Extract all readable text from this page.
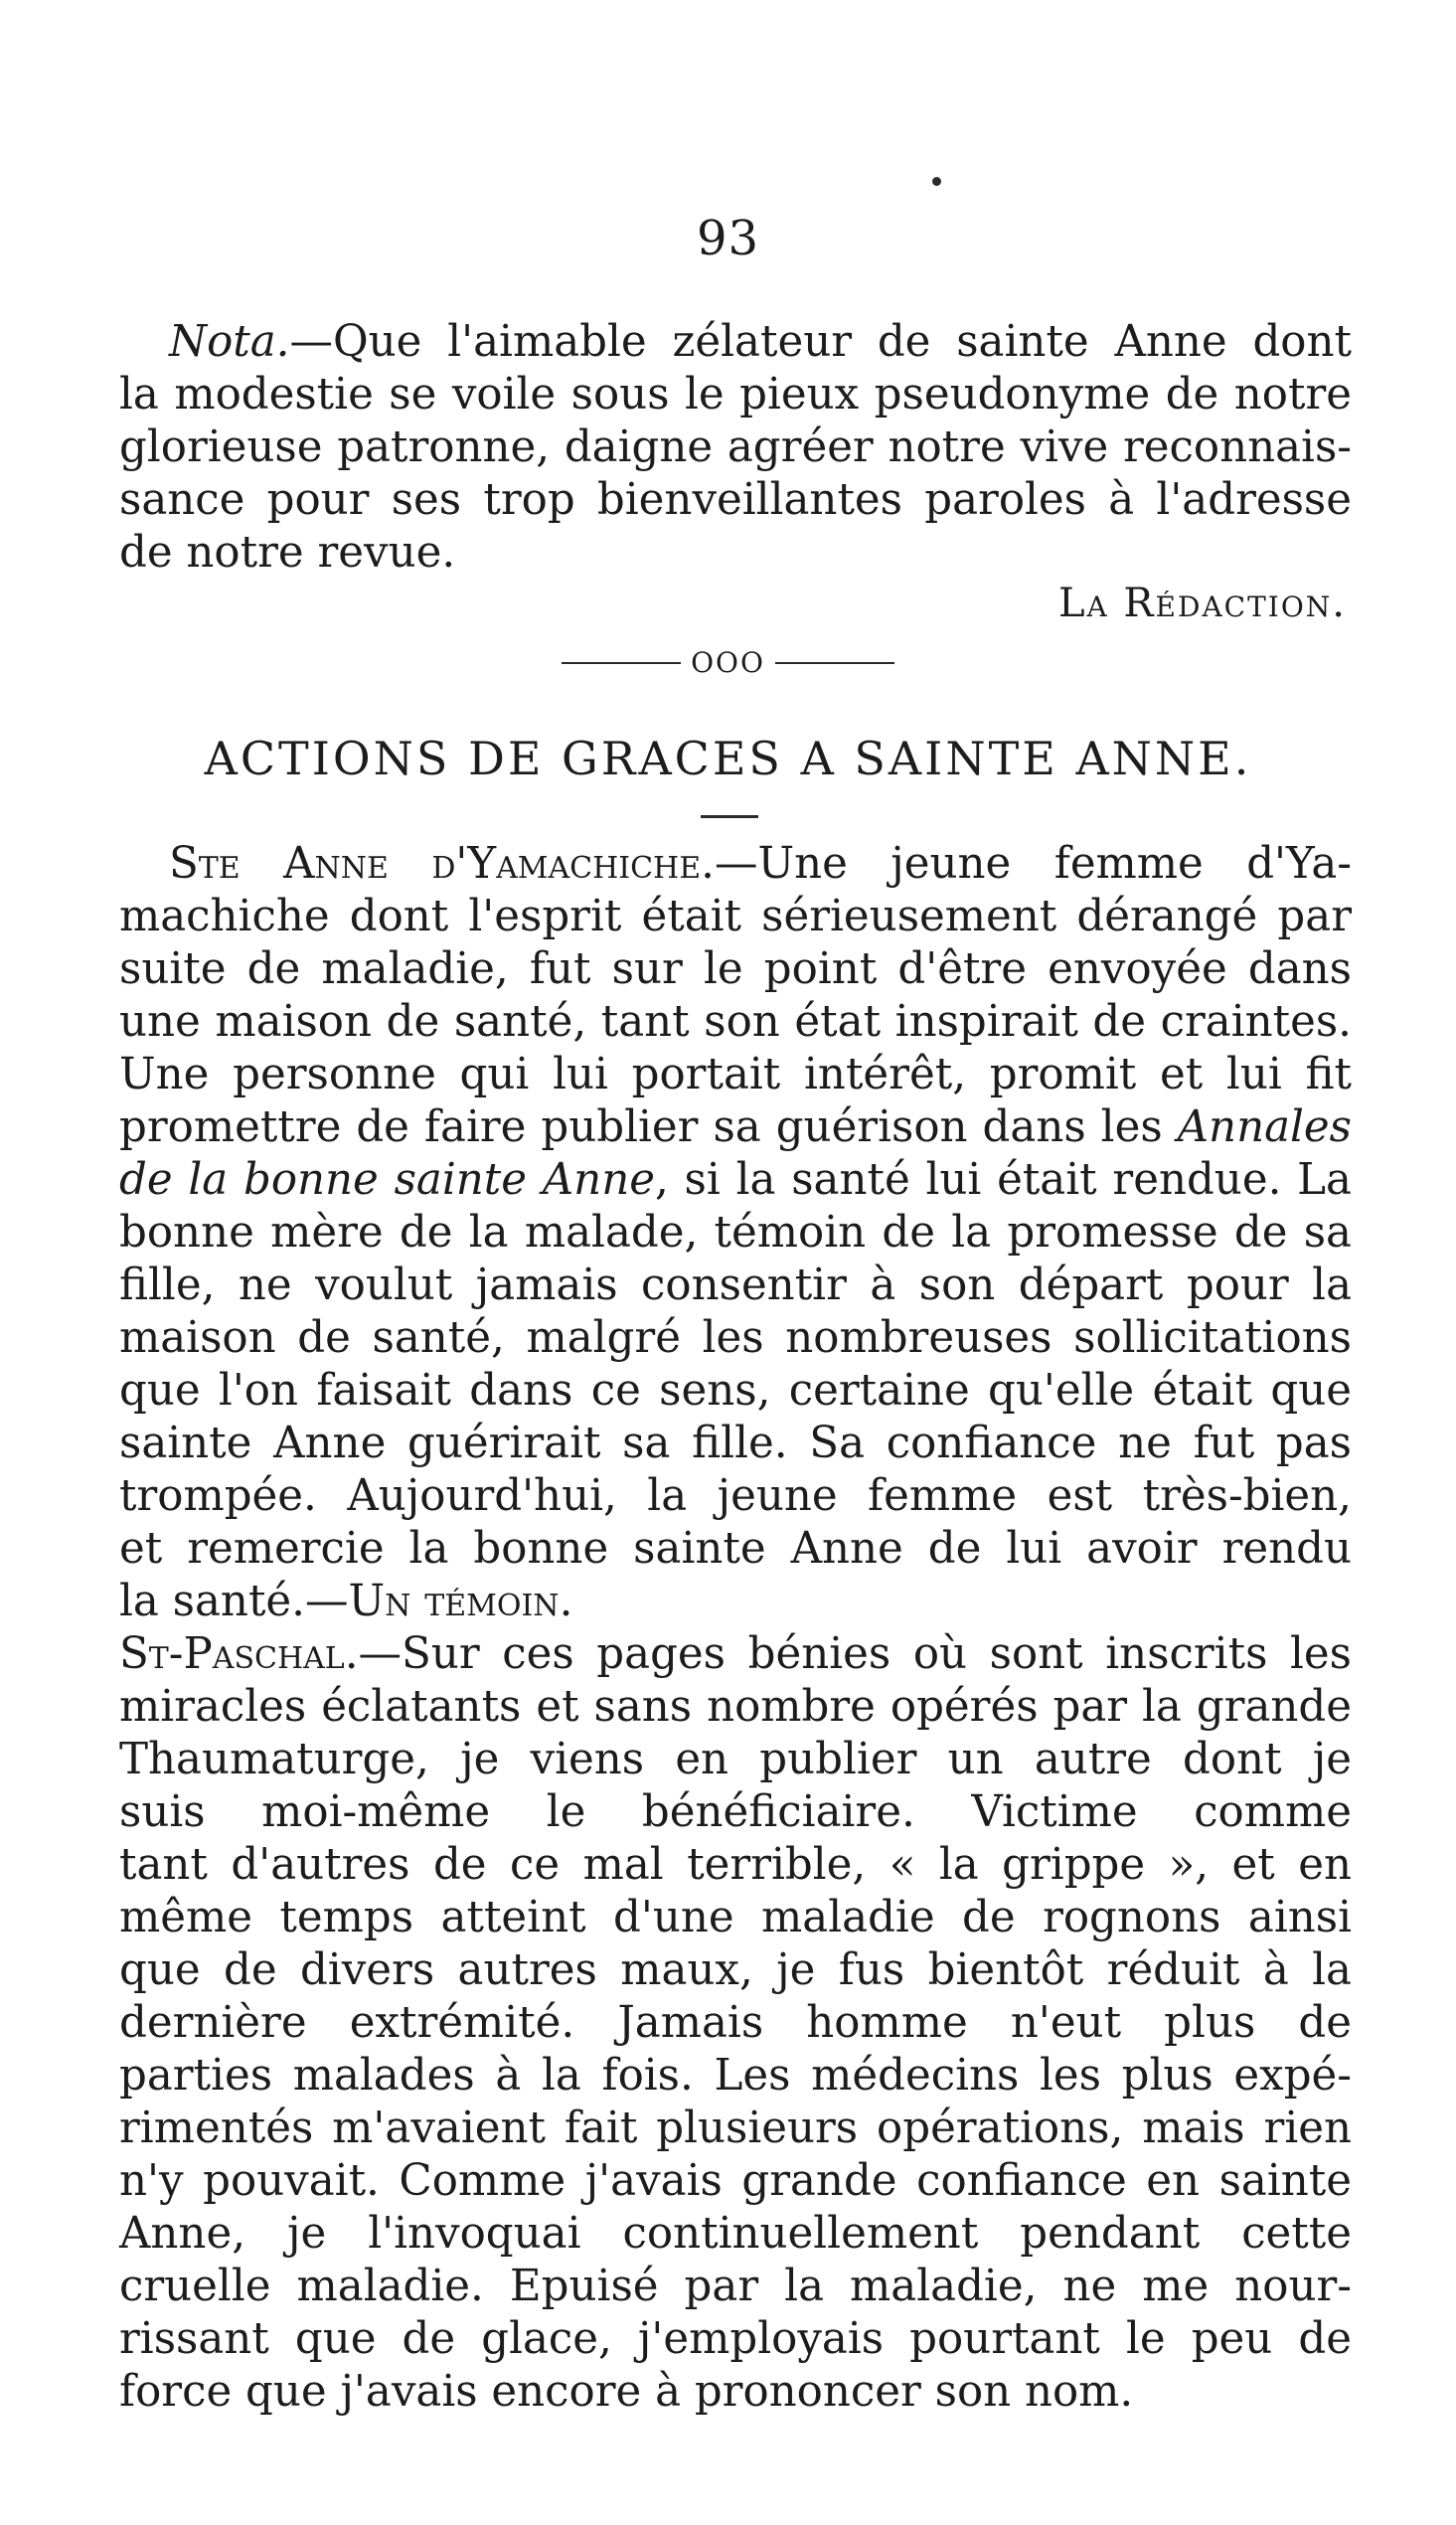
93
Nota.—Que l'aimable zélateur de sainte Anne dont
la modestie se voile sous le pieux pseudonyme de notre
glorieuse patronne, daigne agréer notre vive reconnais-
sance pour ses trop bienveillantes paroles à l'adresse
de notre revue.
La Rédaction.
OOO
ACTIONS DE GRACES A SAINTE ANNE.
Ste Anne d'Yamachiche.—Une jeune femme d'Ya-
machiche dont l'esprit était sérieusement dérangé par
suite de maladie, fut sur le point d'être envoyée dans
une maison de santé, tant son état inspirait de craintes.
Une personne qui lui portait intérêt, promit et lui fit
promettre de faire publier sa guérison dans les Annales
de la bonne sainte Anne, si la santé lui était rendue. La
bonne mère de la malade, témoin de la promesse de sa
fille, ne voulut jamais consentir à son départ pour la
maison de santé, malgré les nombreuses sollicitations
que l'on faisait dans ce sens, certaine qu'elle était que
sainte Anne guérirait sa fille. Sa confiance ne fut pas
trompée. Aujourd'hui, la jeune femme est très-bien,
et remercie la bonne sainte Anne de lui avoir rendu
la santé.—Un témoin.
St-Paschal.—Sur ces pages bénies où sont inscrits les
miracles éclatants et sans nombre opérés par la grande
Thaumaturge, je viens en publier un autre dont je
suis moi-même le bénéficiaire. Victime comme
tant d'autres de ce mal terrible, « la grippe », et en
même temps atteint d'une maladie de rognons ainsi
que de divers autres maux, je fus bientôt réduit à la
dernière extrémité. Jamais homme n'eut plus de
parties malades à la fois. Les médecins les plus expé-
rimentés m'avaient fait plusieurs opérations, mais rien
n'y pouvait. Comme j'avais grande confiance en sainte
Anne, je l'invoquai continuellement pendant cette
cruelle maladie. Epuisé par la maladie, ne me nour-
rissant que de glace, j'employais pourtant le peu de
force que j'avais encore à prononcer son nom.
